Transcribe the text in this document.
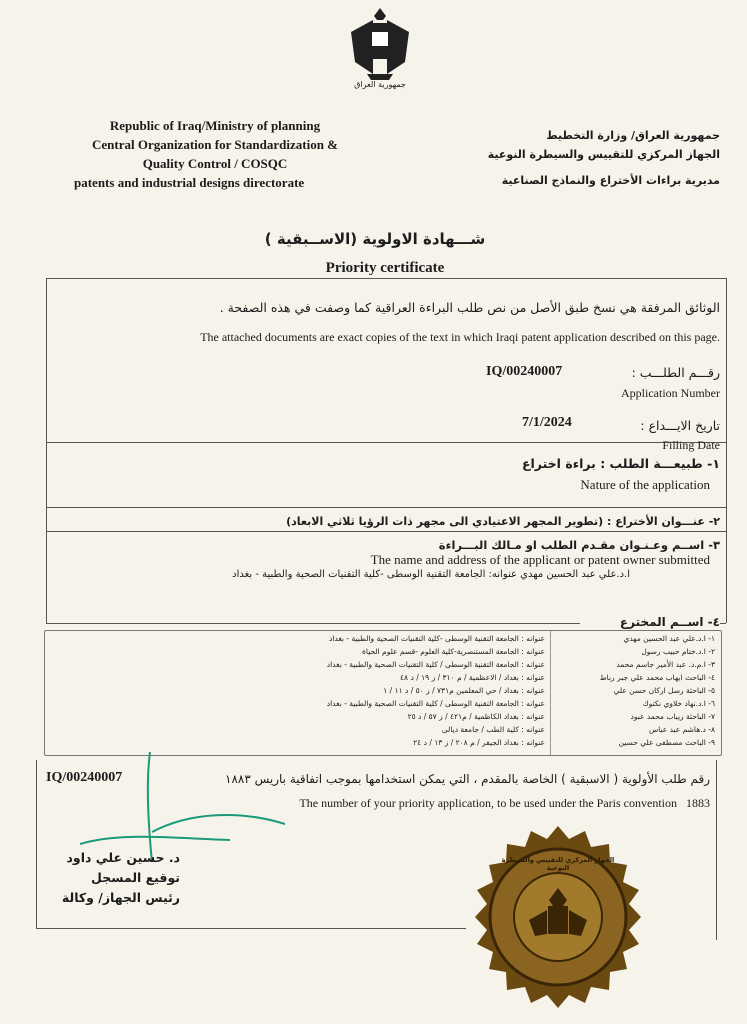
جمهورية العراق
Republic of Iraq/Ministry of planning
Central Organization for Standardization &
Quality Control / COSQC
patents and industrial designs directorate
جمهورية العراق/ وزارة التخطيط
الجهاز المركزي للتقييس والسيطرة النوعية
مديرية براءات الأختراع والنماذج الصناعية
شـــهادة الاولوية (الاســبقية )
Priority certificate
الوثائق المرفقة هي نسخ طبق الأصل من نص طلب البراءة العراقية كما وصفت في هذه الصفحة .
The attached documents are exact copies of the text in which Iraqi patent application described on this page.
رقـــم الطلـــب :
IQ/00240007
Application Number
تاريخ الايـــداع :
7/1/2024
Filling Date
١- طبيعـــة الطلب : براءة اختراع
Nature of the application
٢- عنـــوان الأختراع : (تطوير المجهر الاعتيادي الى مجهر ذات الرؤيا ثلاثي الابعاد)
٣- اســم وعـنـوان مقـدم الطلب او مـالك البـــراءة
The name and address of the applicant or patent owner submitted
ا.د.علي عبد الحسين مهدي عنوانه: الجامعة التقنية الوسطى -كلية التقنيات الصحية والطبية - بغداد
٤- اســم المخترع
١- ا.د.علي عبد الحسين مهدي
٢- ا.د.ختام حبيب رسول
٣- ا.م.د. عبد الأمير جاسم محمد
٤- الباحث ايهاب محمد علي جبر رباط
٥- الباحثة رسل اركان حسن علي
٦- ا.د.نهاد خلاوي نكتوك
٧- الباحثة ريباب محمد عبود
٨- د.هاشم عبد عباس
٩- الباحث مصطفى علي حسين
عنوانه : الجامعة التقنية الوسطى -كلية التقنيات الصحية والطبية - بغداد
عنوانه : الجامعة المستنصرية-كلية العلوم -قسم علوم الحياة
عنوانه : الجامعة التقنية الوسطى / كلية التقنيات الصحية والطبية - بغداد
عنوانه : بغداد / الاعظمية / م ٣١٠ / ز ١٩ / د ٤٨
عنوانه : بغداد / حي المعلمين م٧٣١ / ز ٥٠ / د ١١ / ١
عنوانه : الجامعة التقنية الوسطى / كلية التقنيات الصحية والطبية - بغداد
عنوانه : بغداد الكاظمية / م٤٢١ / ز ٥٧ / د ٢٥
عنوانه : كلية الطب / جامعة ديالى
عنوانه : بغداد الجيفر / م ٢٠٨ / ز ١٣ / د ٢٤
IQ/00240007	رقم طلب الأولوية ( الاسبقية ) الخاصة بالمقدم ، التي يمكن استخدامها بموجب اتفاقية باريس ١٨٨٣
The number of your priority application, to be used under the Paris convention 1883
د. حسين علي داود
توقيع المسجل
رئيس الجهاز/ وكالة
الجهاز المركزي للتقييس والسيطرة النوعية
